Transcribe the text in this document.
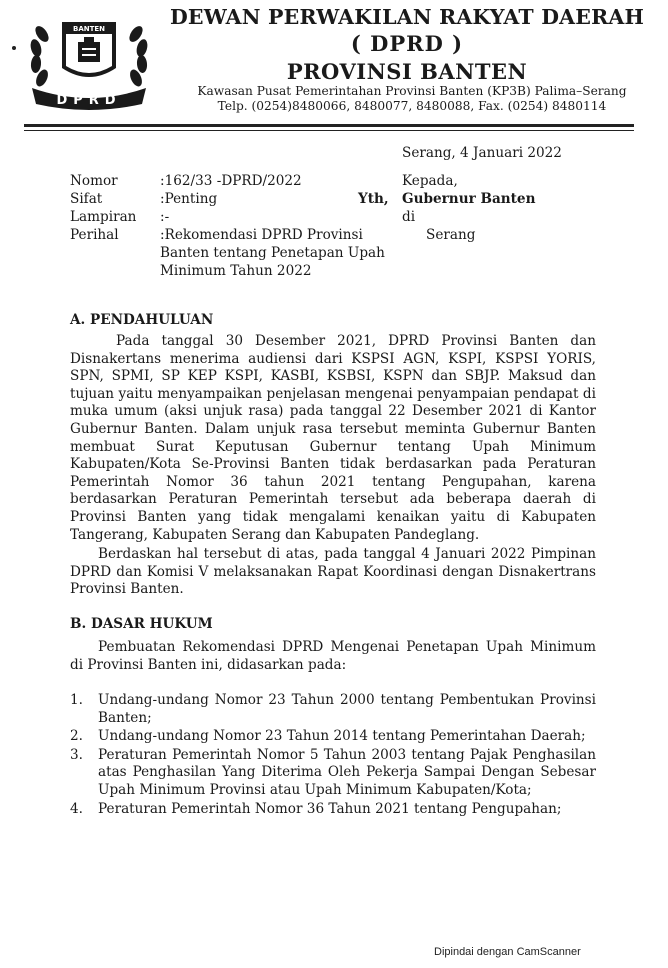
BANTEN
DPRD
DEWAN PERWAKILAN RAKYAT DAERAH
( DPRD )
PROVINSI BANTEN
Kawasan Pusat Pemerintahan Provinsi Banten (KP3B) Palima–Serang
Telp. (0254)8480066, 8480077, 8480088, Fax. (0254) 8480114
Serang, 4 Januari 2022
Nomor	:162/33 -DPRD/2022
Sifat	:Penting
Lampiran :-
Perihal	:Rekomendasi DPRD Provinsi
Banten tentang Penetapan Upah
Minimum Tahun 2022
Kepada,
Yth, Gubernur Banten
di
Serang
A. PENDAHULUAN
Pada tanggal 30 Desember 2021, DPRD Provinsi Banten dan Disnakertans menerima audiensi dari KSPSI AGN, KSPI, KSPSI YORIS, SPN, SPMI, SP KEP KSPI, KASBI, KSBSI, KSPN dan SBJP. Maksud dan tujuan yaitu menyampaikan penjelasan mengenai penyampaian pendapat di muka umum (aksi unjuk rasa) pada tanggal 22 Desember 2021 di Kantor Gubernur Banten. Dalam unjuk rasa tersebut meminta Gubernur Banten membuat Surat Keputusan Gubernur tentang Upah Minimum Kabupaten/Kota Se-Provinsi Banten tidak berdasarkan pada Peraturan Pemerintah Nomor 36 tahun 2021 tentang Pengupahan, karena berdasarkan Peraturan Pemerintah tersebut ada beberapa daerah di Provinsi Banten yang tidak mengalami kenaikan yaitu di Kabupaten Tangerang, Kabupaten Serang dan Kabupaten Pandeglang.
Berdaskan hal tersebut di atas, pada tanggal 4 Januari 2022 Pimpinan DPRD dan Komisi V melaksanakan Rapat Koordinasi dengan Disnakertrans Provinsi Banten.
B. DASAR HUKUM
Pembuatan Rekomendasi DPRD Mengenai Penetapan Upah Minimum di Provinsi Banten ini, didasarkan pada:
1. Undang-undang Nomor 23 Tahun 2000 tentang Pembentukan Provinsi Banten;
2. Undang-undang Nomor 23 Tahun 2014 tentang Pemerintahan Daerah;
3. Peraturan Pemerintah Nomor 5 Tahun 2003 tentang Pajak Penghasilan atas Penghasilan Yang Diterima Oleh Pekerja Sampai Dengan Sebesar Upah Minimum Provinsi atau Upah Minimum Kabupaten/Kota;
4. Peraturan Pemerintah Nomor 36 Tahun 2021 tentang Pengupahan;
Dipindai dengan CamScanner
